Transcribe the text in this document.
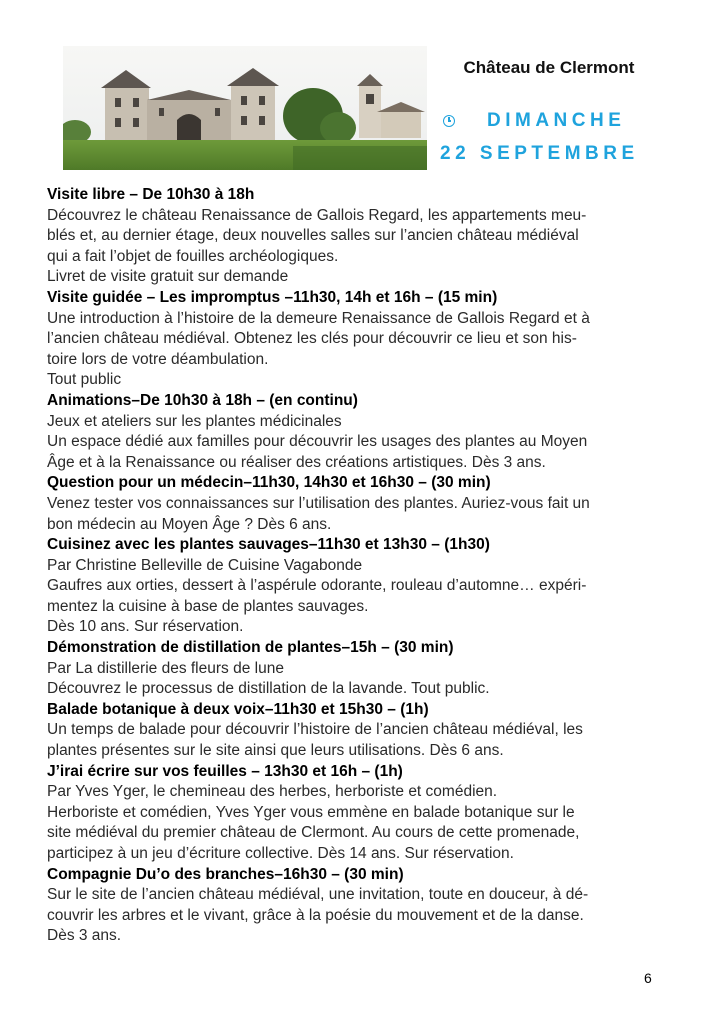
Château de Clermont
DIMANCHE
22 SEPTEMBRE

Visite libre – De 10h30 à 18h

Découvrez le château Renaissance de Gallois Regard, les appartements meu-

blés et, au dernier étage, deux nouvelles salles sur l’ancien château médiéval

qui a fait l’objet de fouilles archéologiques.

Livret de visite gratuit sur demande

Visite guidée – Les impromptus –11h30, 14h et 16h – (15 min)

Une introduction à l’histoire de la demeure Renaissance de Gallois Regard et à

l’ancien château médiéval. Obtenez les clés pour découvrir ce lieu et son his-

toire lors de votre déambulation.

Tout public

Animations–De 10h30 à 18h – (en continu)

Jeux et ateliers sur les plantes médicinales

Un espace dédié aux familles pour découvrir les usages des plantes au Moyen

Âge et à la Renaissance ou réaliser des créations artistiques. Dès 3 ans.

Question pour un médecin–11h30, 14h30 et 16h30 – (30 min)

Venez tester vos connaissances sur l’utilisation des plantes. Auriez-vous fait un

bon médecin au Moyen Âge ? Dès 6 ans.

Cuisinez avec les plantes sauvages–11h30 et 13h30 – (1h30)

Par Christine Belleville de Cuisine Vagabonde

Gaufres aux orties, dessert à l’aspérule odorante, rouleau d’automne… expéri-

mentez la cuisine à base de plantes sauvages.

Dès 10 ans. Sur réservation.

Démonstration de distillation de plantes–15h – (30 min)

Par La distillerie des fleurs de lune

Découvrez le processus de distillation de la lavande. Tout public.

Balade botanique à deux voix–11h30 et 15h30 – (1h)

Un temps de balade pour découvrir l’histoire de l’ancien château médiéval, les

plantes présentes sur le site ainsi que leurs utilisations. Dès 6 ans.

J’irai écrire sur vos feuilles – 13h30 et 16h – (1h)

Par Yves Yger, le chemineau des herbes, herboriste et comédien.

Herboriste et comédien, Yves Yger vous emmène en balade botanique sur le

site médiéval du premier château de Clermont. Au cours de cette promenade,

participez à un jeu d’écriture collective. Dès 14 ans. Sur réservation.

Compagnie Du’o des branches–16h30 – (30 min)

Sur le site de l’ancien château médiéval, une invitation, toute en douceur, à dé-

couvrir les arbres et le vivant, grâce à la poésie du mouvement et de la danse.

Dès 3 ans.

6
